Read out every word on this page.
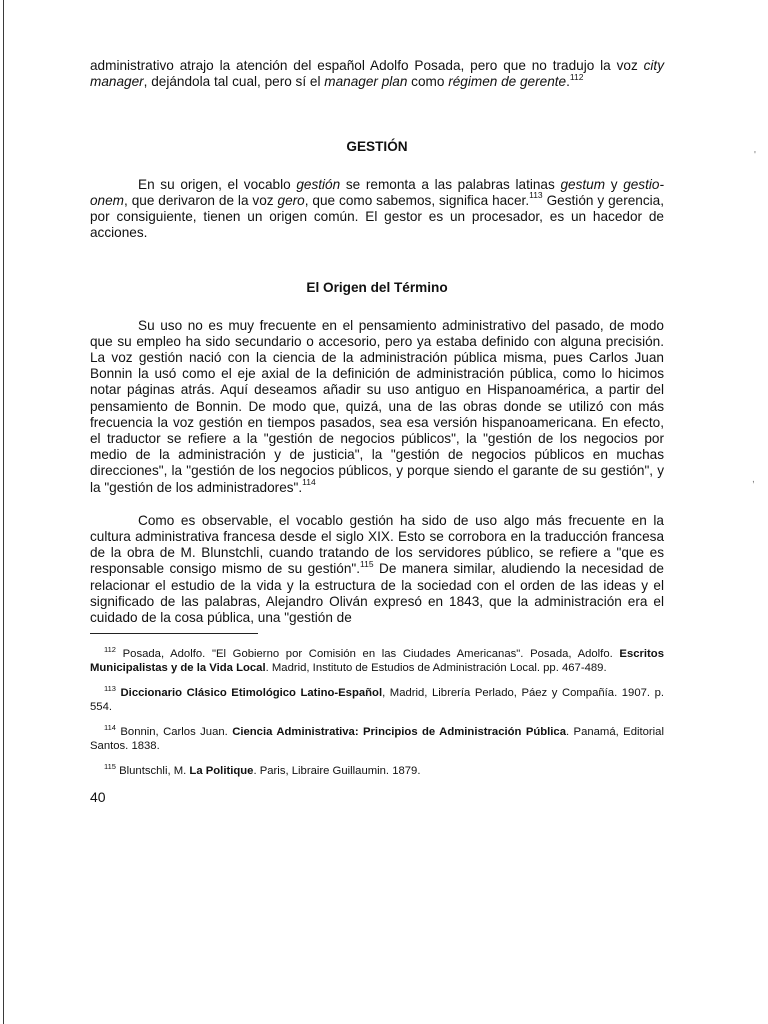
'
,

administrativo atrajo la atención del español Adolfo Posada, pero que no tradujo la voz city manager, dejándola tal cual, pero sí el manager plan como régimen de gerente.$^{112}$

GESTIÓN

En su origen, el vocablo gestión se remonta a las palabras latinas gestum y gestio-onem, que derivaron de la voz gero, que como sabemos, significa hacer.$^{113}$ Gestión y gerencia, por consiguiente, tienen un origen común. El gestor es un procesador, es un hacedor de acciones.

El Origen del Término

Su uso no es muy frecuente en el pensamiento administrativo del pasado, de modo que su empleo ha sido secundario o accesorio, pero ya estaba definido con alguna precisión. La voz gestión nació con la ciencia de la administración pública misma, pues Carlos Juan Bonnin la usó como el eje axial de la definición de administración pública, como lo hicimos notar páginas atrás. Aquí deseamos añadir su uso antiguo en Hispanoamérica, a partir del pensamiento de Bonnin. De modo que, quizá, una de las obras donde se utilizó con más frecuencia la voz gestión en tiempos pasados, sea esa versión hispanoamericana. En efecto, el traductor se refiere a la "gestión de negocios públicos", la "gestión de los negocios por medio de la administración y de justicia", la "gestión de negocios públicos en muchas direcciones", la "gestión de los negocios públicos, y porque siendo el garante de su gestión", y la "gestión de los administradores".$^{114}$

Como es observable, el vocablo gestión ha sido de uso algo más frecuente en la cultura administrativa francesa desde el siglo XIX. Esto se corrobora en la traducción francesa de la obra de M. Blunstchli, cuando tratando de los servidores público, se refiere a "que es responsable consigo mismo de su gestión".$^{115}$ De manera similar, aludiendo la necesidad de relacionar el estudio de la vida y la estructura de la sociedad con el orden de las ideas y el significado de las palabras, Alejandro Oliván expresó en 1843, que la administración era el cuidado de la cosa pública, una "gestión de

$^{112}$ Posada, Adolfo. "El Gobierno por Comisión en las Ciudades Americanas". Posada, Adolfo. Escritos Municipalistas y de la Vida Local. Madrid, Instituto de Estudios de Administración Local. pp. 467-489.

$^{113}$ Diccionario Clásico Etimológico Latino-Español, Madrid, Librería Perlado, Páez y Compañía. 1907. p. 554.

$^{114}$ Bonnin, Carlos Juan. Ciencia Administrativa: Principios de Administración Pública. Panamá, Editorial Santos. 1838.

$^{115}$ Bluntschli, M. La Politique. Paris, Libraire Guillaumin. 1879.

40
